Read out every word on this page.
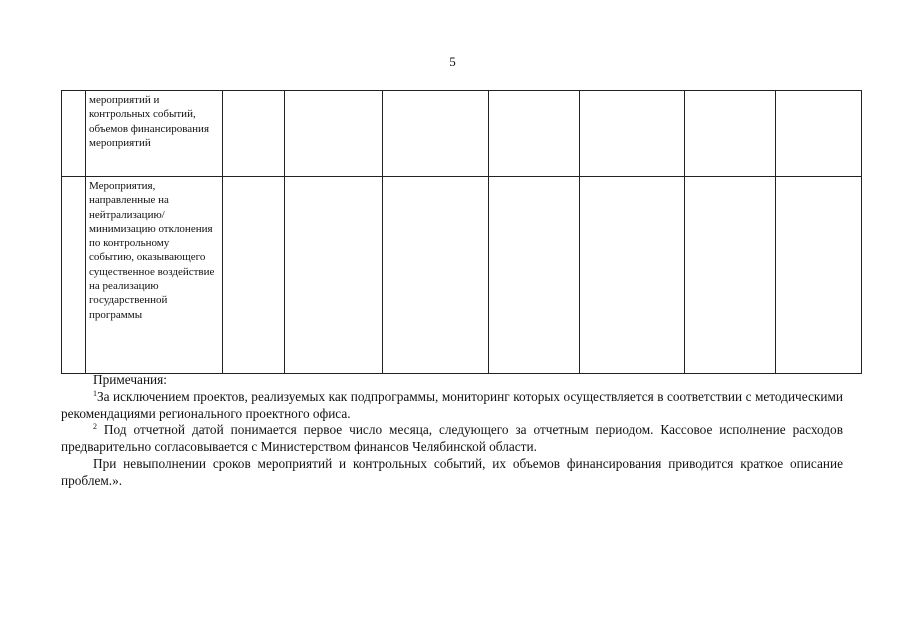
5
	мероприятий и контрольных событий, объемов финансирования мероприятий							
	Мероприятия, направленные на нейтрализацию/ минимизацию отклонения по контрольному событию, оказывающего существенное воздействие на реализацию государственной программы							

Примечания:

$^1$За исключением проектов, реализуемых как подпрограммы, мониторинг которых осуществляется в соответствии с методическими рекомендациями регионального проектного офиса.

$^2$ Под отчетной датой понимается первое число месяца, следующего за отчетным периодом. Кассовое исполнение расходов предварительно согласовывается с Министерством финансов Челябинской области.

При невыполнении сроков мероприятий и контрольных событий, их объемов финансирования приводится краткое описание проблем.».
